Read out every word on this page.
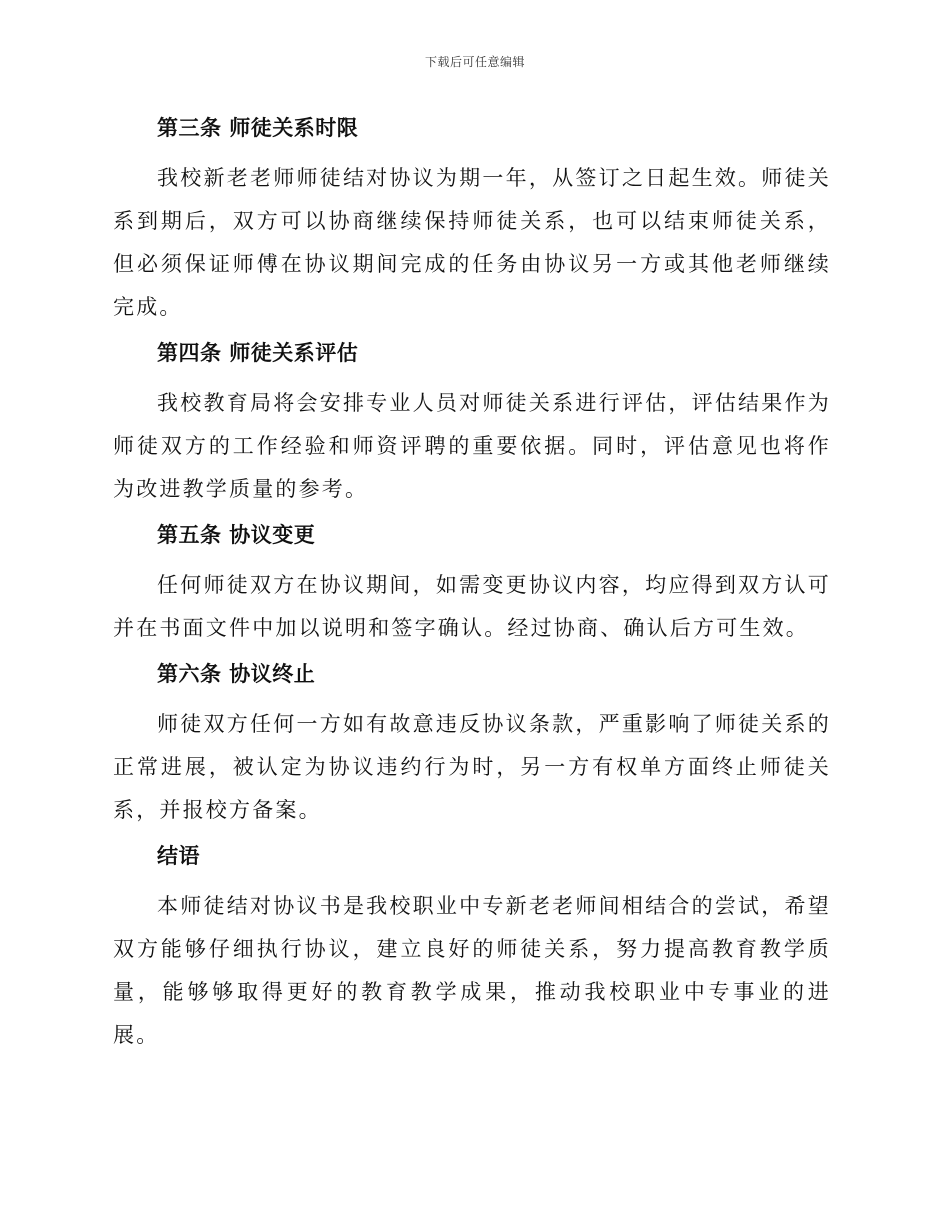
下载后可任意编辑
第三条 师徒关系时限

我校新老老师师徒结对协议为期一年，从签订之日起生效。师徒关系到期后，双方可以协商继续保持师徒关系，也可以结束师徒关系，但必须保证师傅在协议期间完成的任务由协议另一方或其他老师继续完成。

第四条 师徒关系评估

我校教育局将会安排专业人员对师徒关系进行评估，评估结果作为师徒双方的工作经验和师资评聘的重要依据。同时，评估意见也将作为改进教学质量的参考。

第五条 协议变更

任何师徒双方在协议期间，如需变更协议内容，均应得到双方认可并在书面文件中加以说明和签字确认。经过协商、确认后方可生效。

第六条 协议终止

师徒双方任何一方如有故意违反协议条款，严重影响了师徒关系的正常进展，被认定为协议违约行为时，另一方有权单方面终止师徒关系，并报校方备案。

结语

本师徒结对协议书是我校职业中专新老老师间相结合的尝试，希望双方能够仔细执行协议，建立良好的师徒关系，努力提高教育教学质量，能够够取得更好的教育教学成果，推动我校职业中专事业的进展。
